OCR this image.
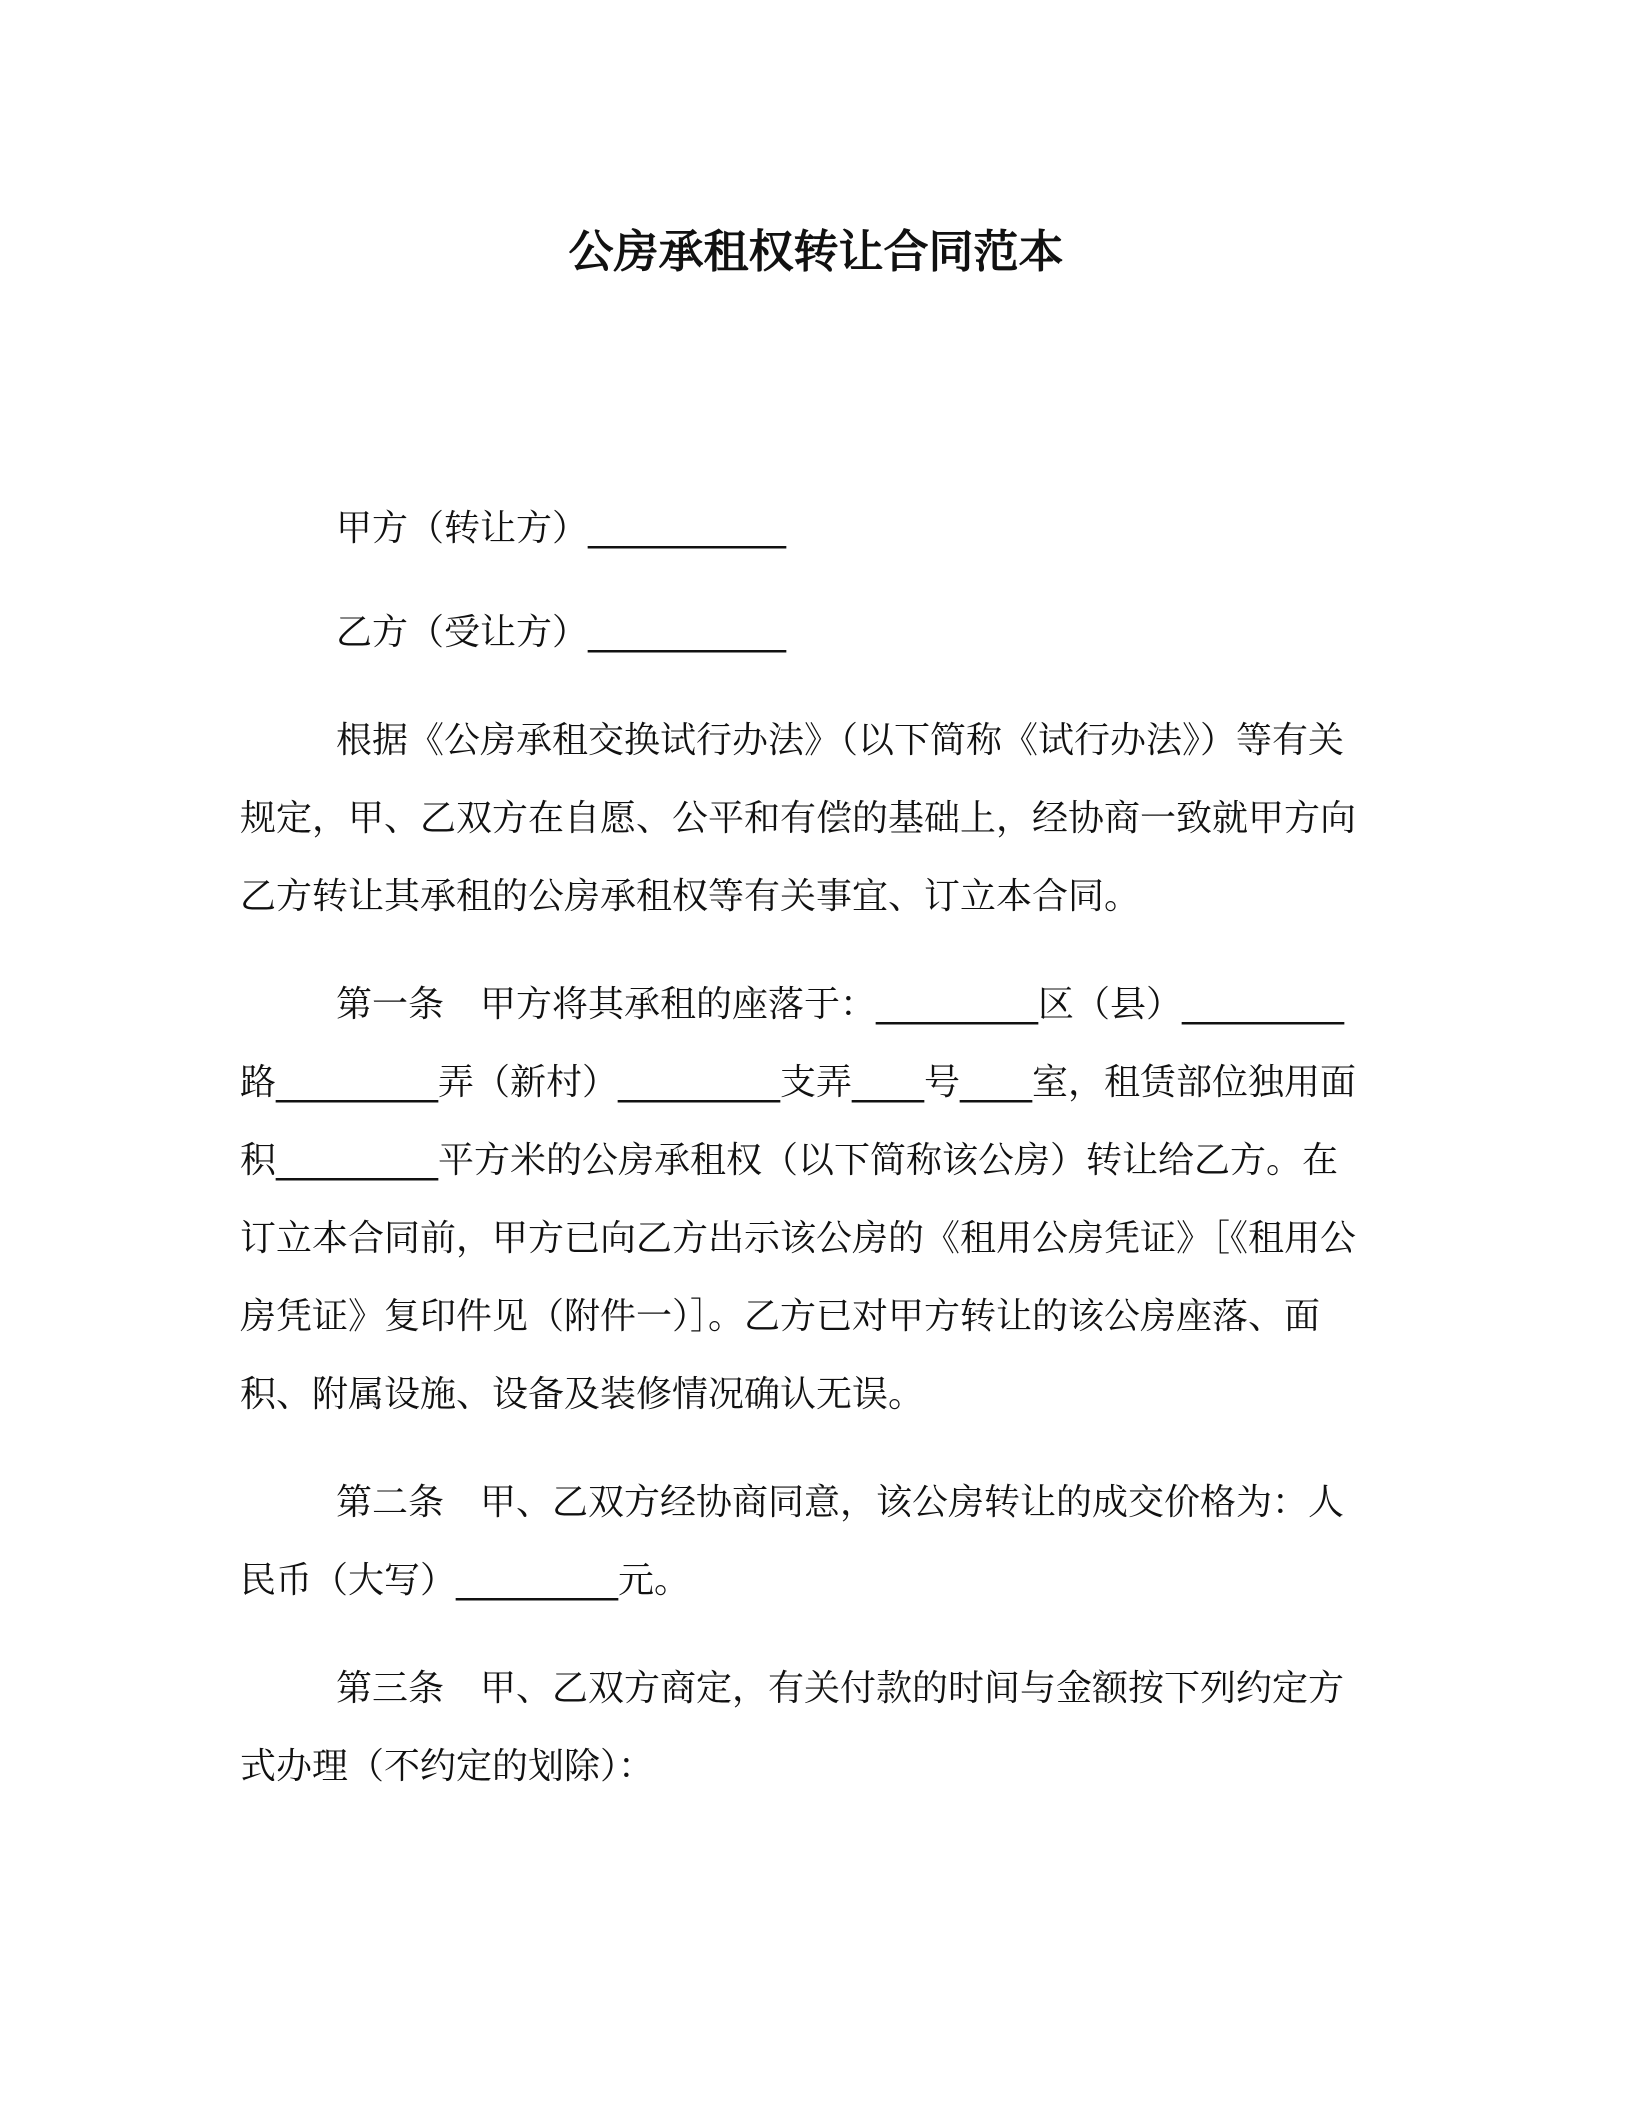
公房承租权转让合同范本

甲方（转让方）___________

乙方（受让方）___________

根据《公房承租交换试行办法》（以下简称《试行办法》）等有关规定，甲、乙双方在自愿、公平和有偿的基础上，经协商一致就甲方向乙方转让其承租的公房承租权等有关事宜、订立本合同。

第一条　甲方将其承租的座落于：_________区（县）_________路_________弄（新村）_________支弄____号____室，租赁部位独用面积_________平方米的公房承租权（以下简称该公房）转让给乙方。在订立本合同前，甲方已向乙方出示该公房的《租用公房凭证》［《租用公房凭证》复印件见（附件一）］。乙方已对甲方转让的该公房座落、面积、附属设施、设备及装修情况确认无误。

第二条　甲、乙双方经协商同意，该公房转让的成交价格为：人民币（大写）_________元。

第三条　甲、乙双方商定，有关付款的时间与金额按下列约定方式办理（不约定的划除）：
